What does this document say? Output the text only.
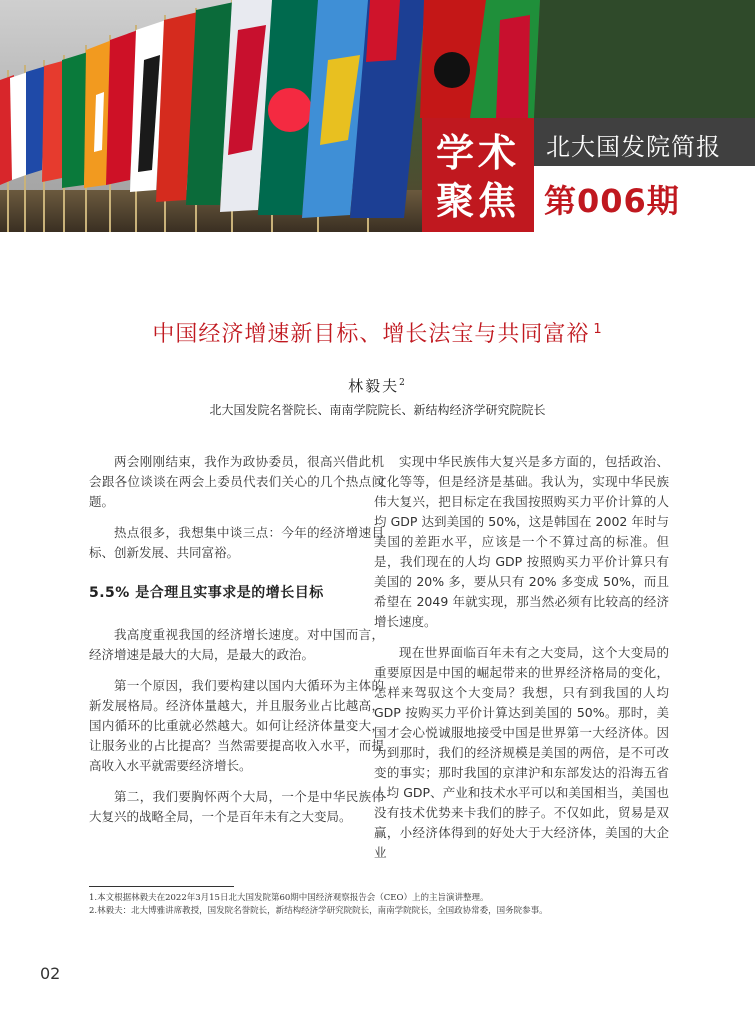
学术
聚焦
北大国发院简报
第006期
中国经济增速新目标、增长法宝与共同富裕 $^1$
林毅夫$^2$
北大国发院名誉院长、南南学院院长、新结构经济学研究院院长

两会刚刚结束，我作为政协委员，很高兴借此机会跟各位谈谈在两会上委员代表们关心的几个热点问题。

热点很多，我想集中谈三点：今年的经济增速目标、创新发展、共同富裕。

5.5% 是合理且实事求是的增长目标

我高度重视我国的经济增长速度。对中国而言，经济增速是最大的大局，是最大的政治。

第一个原因，我们要构建以国内大循环为主体的新发展格局。经济体量越大，并且服务业占比越高，国内循环的比重就必然越大。如何让经济体量变大，让服务业的占比提高？当然需要提高收入水平，而提高收入水平就需要经济增长。

第二，我们要胸怀两个大局，一个是中华民族伟大复兴的战略全局，一个是百年未有之大变局。

实现中华民族伟大复兴是多方面的，包括政治、文化等等，但是经济是基础。我认为，实现中华民族伟大复兴，把目标定在我国按照购买力平价计算的人均 GDP 达到美国的 50%，这是韩国在 2002 年时与美国的差距水平，应该是一个不算过高的标准。但是，我们现在的人均 GDP 按照购买力平价计算只有美国的 20% 多，要从只有 20% 多变成 50%，而且希望在 2049 年就实现，那当然必须有比较高的经济增长速度。

现在世界面临百年未有之大变局，这个大变局的重要原因是中国的崛起带来的世界经济格局的变化，怎样来驾驭这个大变局？我想，只有到我国的人均 GDP 按购买力平价计算达到美国的 50%。那时，美国才会心悦诚服地接受中国是世界第一大经济体。因为到那时，我们的经济规模是美国的两倍，是不可改变的事实；那时我国的京津沪和东部发达的沿海五省人均 GDP、产业和技术水平可以和美国相当，美国也没有技术优势来卡我们的脖子。不仅如此，贸易是双赢，小经济体得到的好处大于大经济体，美国的大企业

1.本文根据林毅夫在2022年3月15日北大国发院第60期中国经济观察报告会（CEO）上的主旨演讲整理。
2.林毅夫：北大博雅讲席教授，国发院名誉院长，新结构经济学研究院院长，南南学院院长，全国政协常委，国务院参事。
02
